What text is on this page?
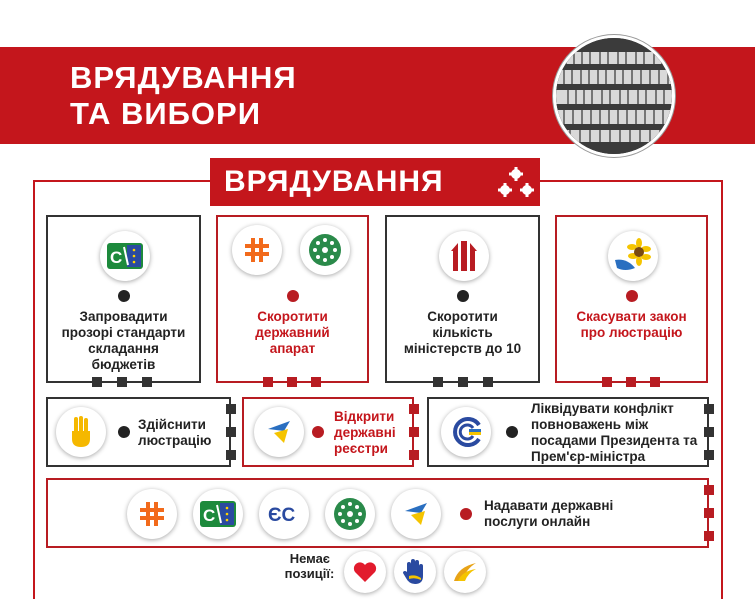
ВРЯДУВАННЯ
ТА ВИБОРИ
ВРЯДУВАННЯ
С
Запровадити прозорі стандарти складання бюджетів
Скоротити державний апарат
Скоротити кількість міністерств до 10
Скасувати закон про люстрацію
Здійснити люстрацію
Відкрити державні реєстри
Ліквідувати конфлікт повноважень між посадами Президента та Прем'єр-міністра
С	ЄС	Надавати державні послуги онлайн
Немає позиції:
